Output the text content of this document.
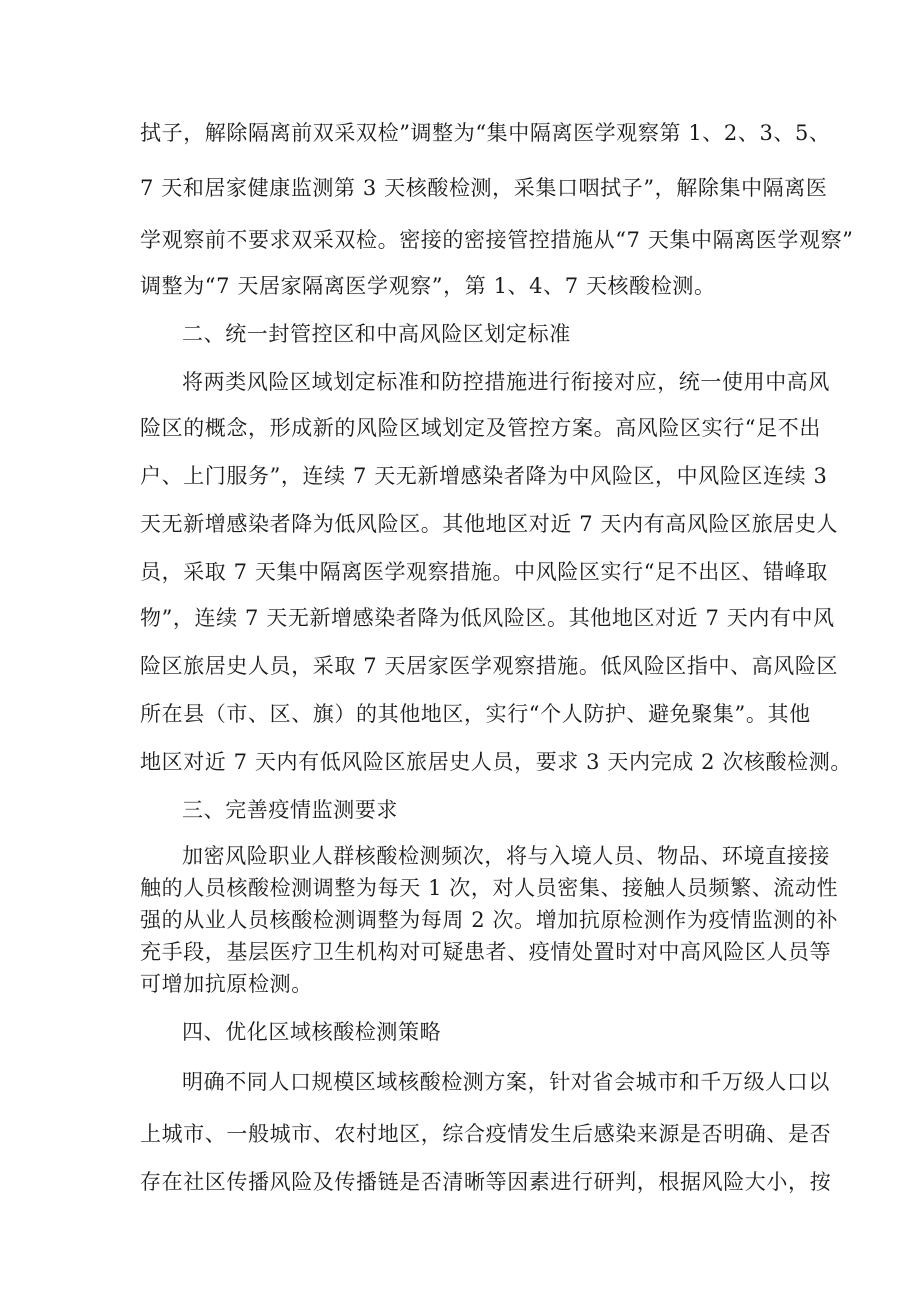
拭子，解除隔离前双采双检”调整为“集中隔离医学观察第 1、2、3、5、
7 天和居家健康监测第 3 天核酸检测，采集口咽拭子”，解除集中隔离医
学观察前不要求双采双检。密接的密接管控措施从“7 天集中隔离医学观察”
调整为“7 天居家隔离医学观察”，第 1、4、7 天核酸检测。
二、统一封管控区和中高风险区划定标准
将两类风险区域划定标准和防控措施进行衔接对应，统一使用中高风
险区的概念，形成新的风险区域划定及管控方案。高风险区实行“足不出
户、上门服务”，连续 7 天无新增感染者降为中风险区，中风险区连续 3
天无新增感染者降为低风险区。其他地区对近 7 天内有高风险区旅居史人
员，采取 7 天集中隔离医学观察措施。中风险区实行“足不出区、错峰取
物”，连续 7 天无新增感染者降为低风险区。其他地区对近 7 天内有中风
险区旅居史人员，采取 7 天居家医学观察措施。低风险区指中、高风险区
所在县（市、区、旗）的其他地区，实行“个人防护、避免聚集”。其他
地区对近 7 天内有低风险区旅居史人员，要求 3 天内完成 2 次核酸检测。
三、完善疫情监测要求
加密风险职业人群核酸检测频次，将与入境人员、物品、环境直接接
触的人员核酸检测调整为每天 1 次，对人员密集、接触人员频繁、流动性
强的从业人员核酸检测调整为每周 2 次。增加抗原检测作为疫情监测的补
充手段，基层医疗卫生机构对可疑患者、疫情处置时对中高风险区人员等
可增加抗原检测。
四、优化区域核酸检测策略
明确不同人口规模区域核酸检测方案，针对省会城市和千万级人口以
上城市、一般城市、农村地区，综合疫情发生后感染来源是否明确、是否
存在社区传播风险及传播链是否清晰等因素进行研判，根据风险大小，按
